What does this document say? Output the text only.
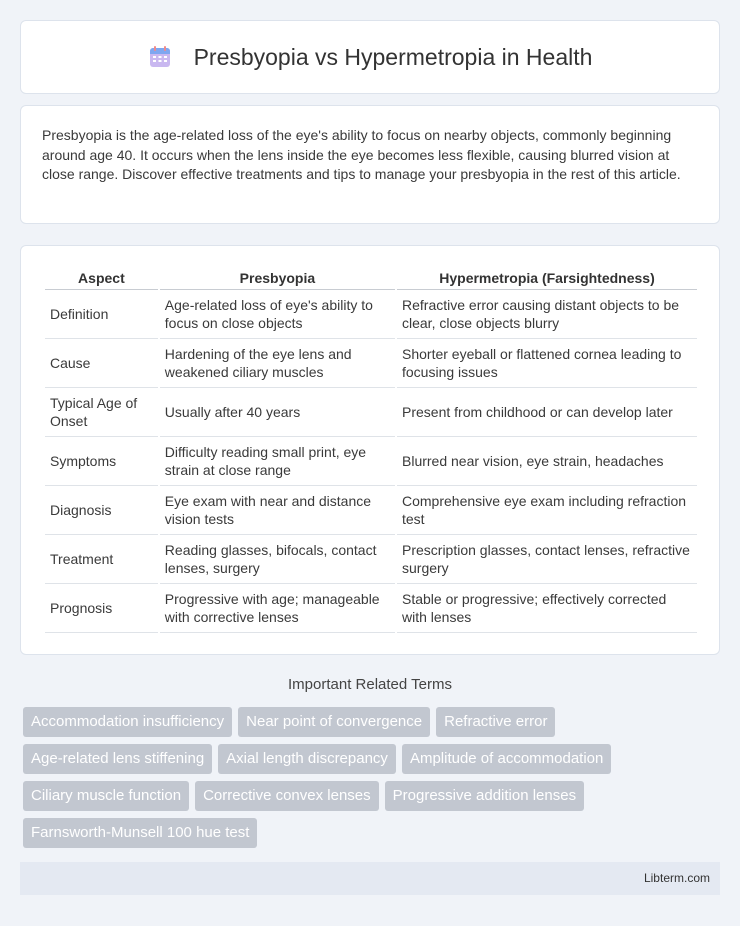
Presbyopia vs Hypermetropia in Health

Presbyopia is the age-related loss of the eye's ability to focus on nearby objects, commonly beginning around age 40. It occurs when the lens inside the eye becomes less flexible, causing blurred vision at close range. Discover effective treatments and tips to manage your presbyopia in the rest of this article.

Aspect	Presbyopia	Hypermetropia (Farsightedness)
Definition	Age-related loss of eye's ability to focus on close objects	Refractive error causing distant objects to be clear, close objects blurry
Cause	Hardening of the eye lens and weakened ciliary muscles	Shorter eyeball or flattened cornea leading to focusing issues
Typical Age of Onset	Usually after 40 years	Present from childhood or can develop later
Symptoms	Difficulty reading small print, eye strain at close range	Blurred near vision, eye strain, headaches
Diagnosis	Eye exam with near and distance vision tests	Comprehensive eye exam including refraction test
Treatment	Reading glasses, bifocals, contact lenses, surgery	Prescription glasses, contact lenses, refractive surgery
Prognosis	Progressive with age; manageable with corrective lenses	Stable or progressive; effectively corrected with lenses
Important Related Terms
Accommodation insufficiency	Near point of convergence	Refractive error
Age-related lens stiffening	Axial length discrepancy	Amplitude of accommodation
Ciliary muscle function	Corrective convex lenses	Progressive addition lenses
Farnsworth-Munsell 100 hue test
Libterm.com
